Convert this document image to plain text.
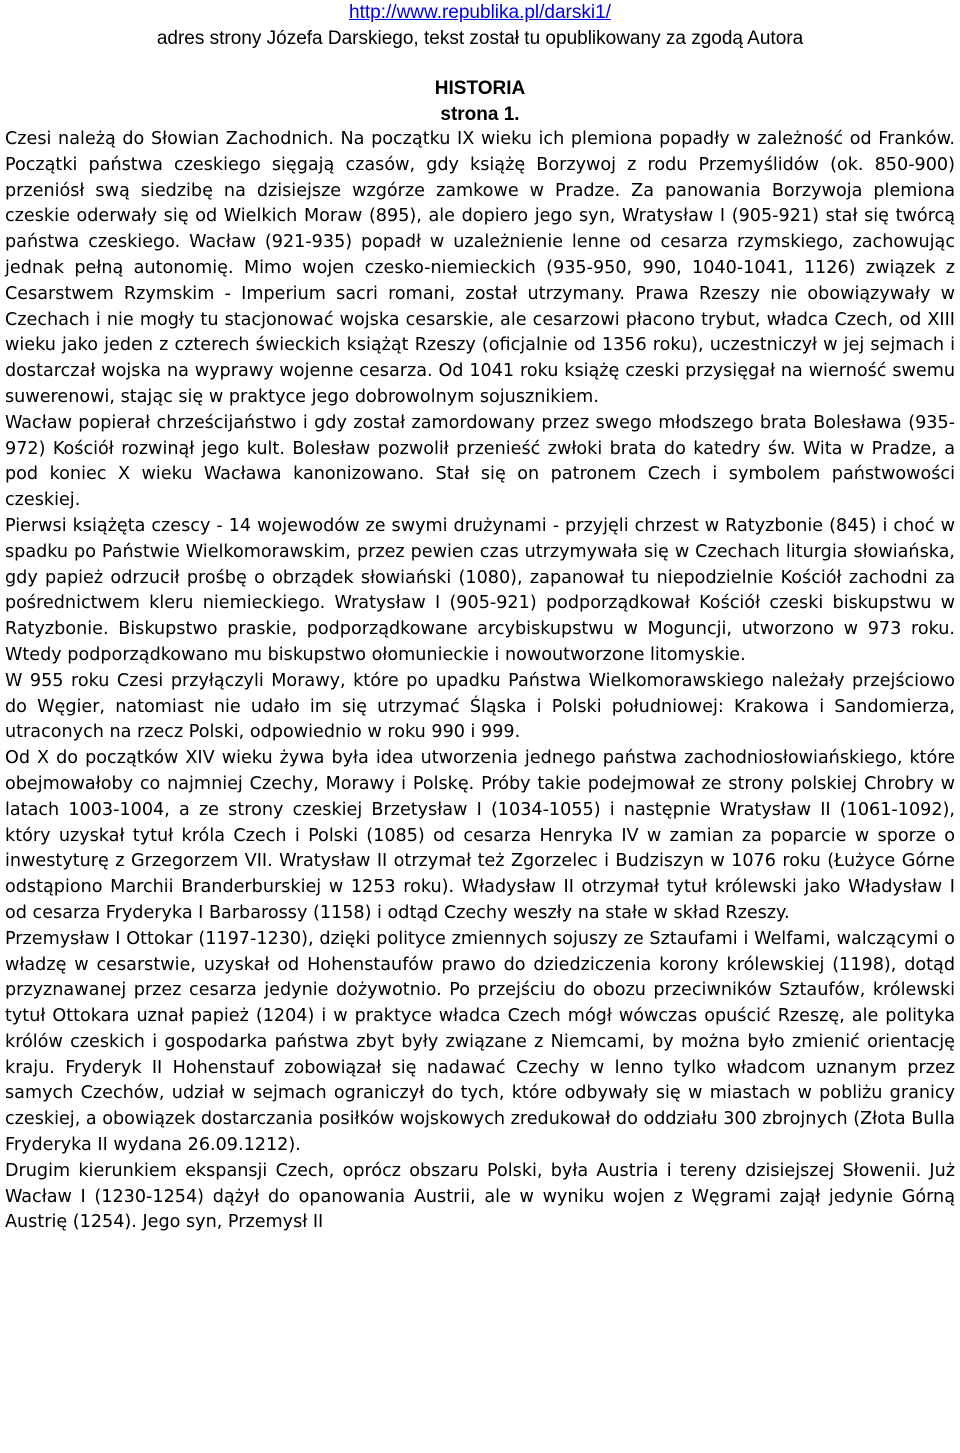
http://www.republika.pl/darski1/
adres strony Józefa Darskiego, tekst został tu opublikowany za zgodą Autora
HISTORIA
strona 1.

Czesi należą do Słowian Zachodnich. Na początku IX wieku ich plemiona popadły w zależność od Franków. Początki państwa czeskiego sięgają czasów, gdy książę Borzywoj z rodu Przemyślidów (ok. 850-900) przeniósł swą siedzibę na dzisiejsze wzgórze zamkowe w Pradze. Za panowania Borzywoja plemiona czeskie oderwały się od Wielkich Moraw (895), ale dopiero jego syn, Wratysław I (905-921) stał się twórcą państwa czeskiego. Wacław (921-935) popadł w uzależnienie lenne od cesarza rzymskiego, zachowując jednak pełną autonomię. Mimo wojen czesko-niemieckich (935-950, 990, 1040-1041, 1126) związek z Cesarstwem Rzymskim - Imperium sacri romani, został utrzymany. Prawa Rzeszy nie obowiązywały w Czechach i nie mogły tu stacjonować wojska cesarskie, ale cesarzowi płacono trybut, władca Czech, od XIII wieku jako jeden z czterech świeckich książąt Rzeszy (oficjalnie od 1356 roku), uczestniczył w jej sejmach i dostarczał wojska na wyprawy wojenne cesarza. Od 1041 roku książę czeski przysięgał na wierność swemu suwerenowi, stając się w praktyce jego dobrowolnym sojusznikiem.

Wacław popierał chrześcijaństwo i gdy został zamordowany przez swego młodszego brata Bolesława (935-972) Kościół rozwinął jego kult. Bolesław pozwolił przenieść zwłoki brata do katedry św. Wita w Pradze, a pod koniec X wieku Wacława kanonizowano. Stał się on patronem Czech i symbolem państwowości czeskiej.

Pierwsi książęta czescy - 14 wojewodów ze swymi drużynami - przyjęli chrzest w Ratyzbonie (845) i choć w spadku po Państwie Wielkomorawskim, przez pewien czas utrzymywała się w Czechach liturgia słowiańska, gdy papież odrzucił prośbę o obrządek słowiański (1080), zapanował tu niepodzielnie Kościół zachodni za pośrednictwem kleru niemieckiego. Wratysław I (905-921) podporządkował Kościół czeski biskupstwu w Ratyzbonie. Biskupstwo praskie, podporządkowane arcybiskupstwu w Moguncji, utworzono w 973 roku. Wtedy podporządkowano mu biskupstwo ołomunieckie i nowoutworzone litomyskie.

W 955 roku Czesi przyłączyli Morawy, które po upadku Państwa Wielkomorawskiego należały przejściowo do Węgier, natomiast nie udało im się utrzymać Śląska i Polski południowej: Krakowa i Sandomierza, utraconych na rzecz Polski, odpowiednio w roku 990 i 999.

Od X do początków XIV wieku żywa była idea utworzenia jednego państwa zachodniosłowiańskiego, które obejmowałoby co najmniej Czechy, Morawy i Polskę. Próby takie podejmował ze strony polskiej Chrobry w latach 1003-1004, a ze strony czeskiej Brzetysław I (1034-1055) i następnie Wratysław II (1061-1092), który uzyskał tytuł króla Czech i Polski (1085) od cesarza Henryka IV w zamian za poparcie w sporze o inwestyturę z Grzegorzem VII. Wratysław II otrzymał też Zgorzelec i Budziszyn w 1076 roku (Łużyce Górne odstąpiono Marchii Branderburskiej w 1253 roku). Władysław II otrzymał tytuł królewski jako Władysław I od cesarza Fryderyka I Barbarossy (1158) i odtąd Czechy weszły na stałe w skład Rzeszy.

Przemysław I Ottokar (1197-1230), dzięki polityce zmiennych sojuszy ze Sztaufami i Welfami, walczącymi o władzę w cesarstwie, uzyskał od Hohenstaufów prawo do dziedziczenia korony królewskiej (1198), dotąd przyznawanej przez cesarza jedynie dożywotnio. Po przejściu do obozu przeciwników Sztaufów, królewski tytuł Ottokara uznał papież (1204) i w praktyce władca Czech mógł wówczas opuścić Rzeszę, ale polityka królów czeskich i gospodarka państwa zbyt były związane z Niemcami, by można było zmienić orientację kraju. Fryderyk II Hohenstauf zobowiązał się nadawać Czechy w lenno tylko władcom uznanym przez samych Czechów, udział w sejmach ograniczył do tych, które odbywały się w miastach w pobliżu granicy czeskiej, a obowiązek dostarczania posiłków wojskowych zredukował do oddziału 300 zbrojnych (Złota Bulla Fryderyka II wydana 26.09.1212).

Drugim kierunkiem ekspansji Czech, oprócz obszaru Polski, była Austria i tereny dzisiejszej Słowenii. Już Wacław I (1230-1254) dążył do opanowania Austrii, ale w wyniku wojen z Węgrami zajął jedynie Górną Austrię (1254). Jego syn, Przemysł II
